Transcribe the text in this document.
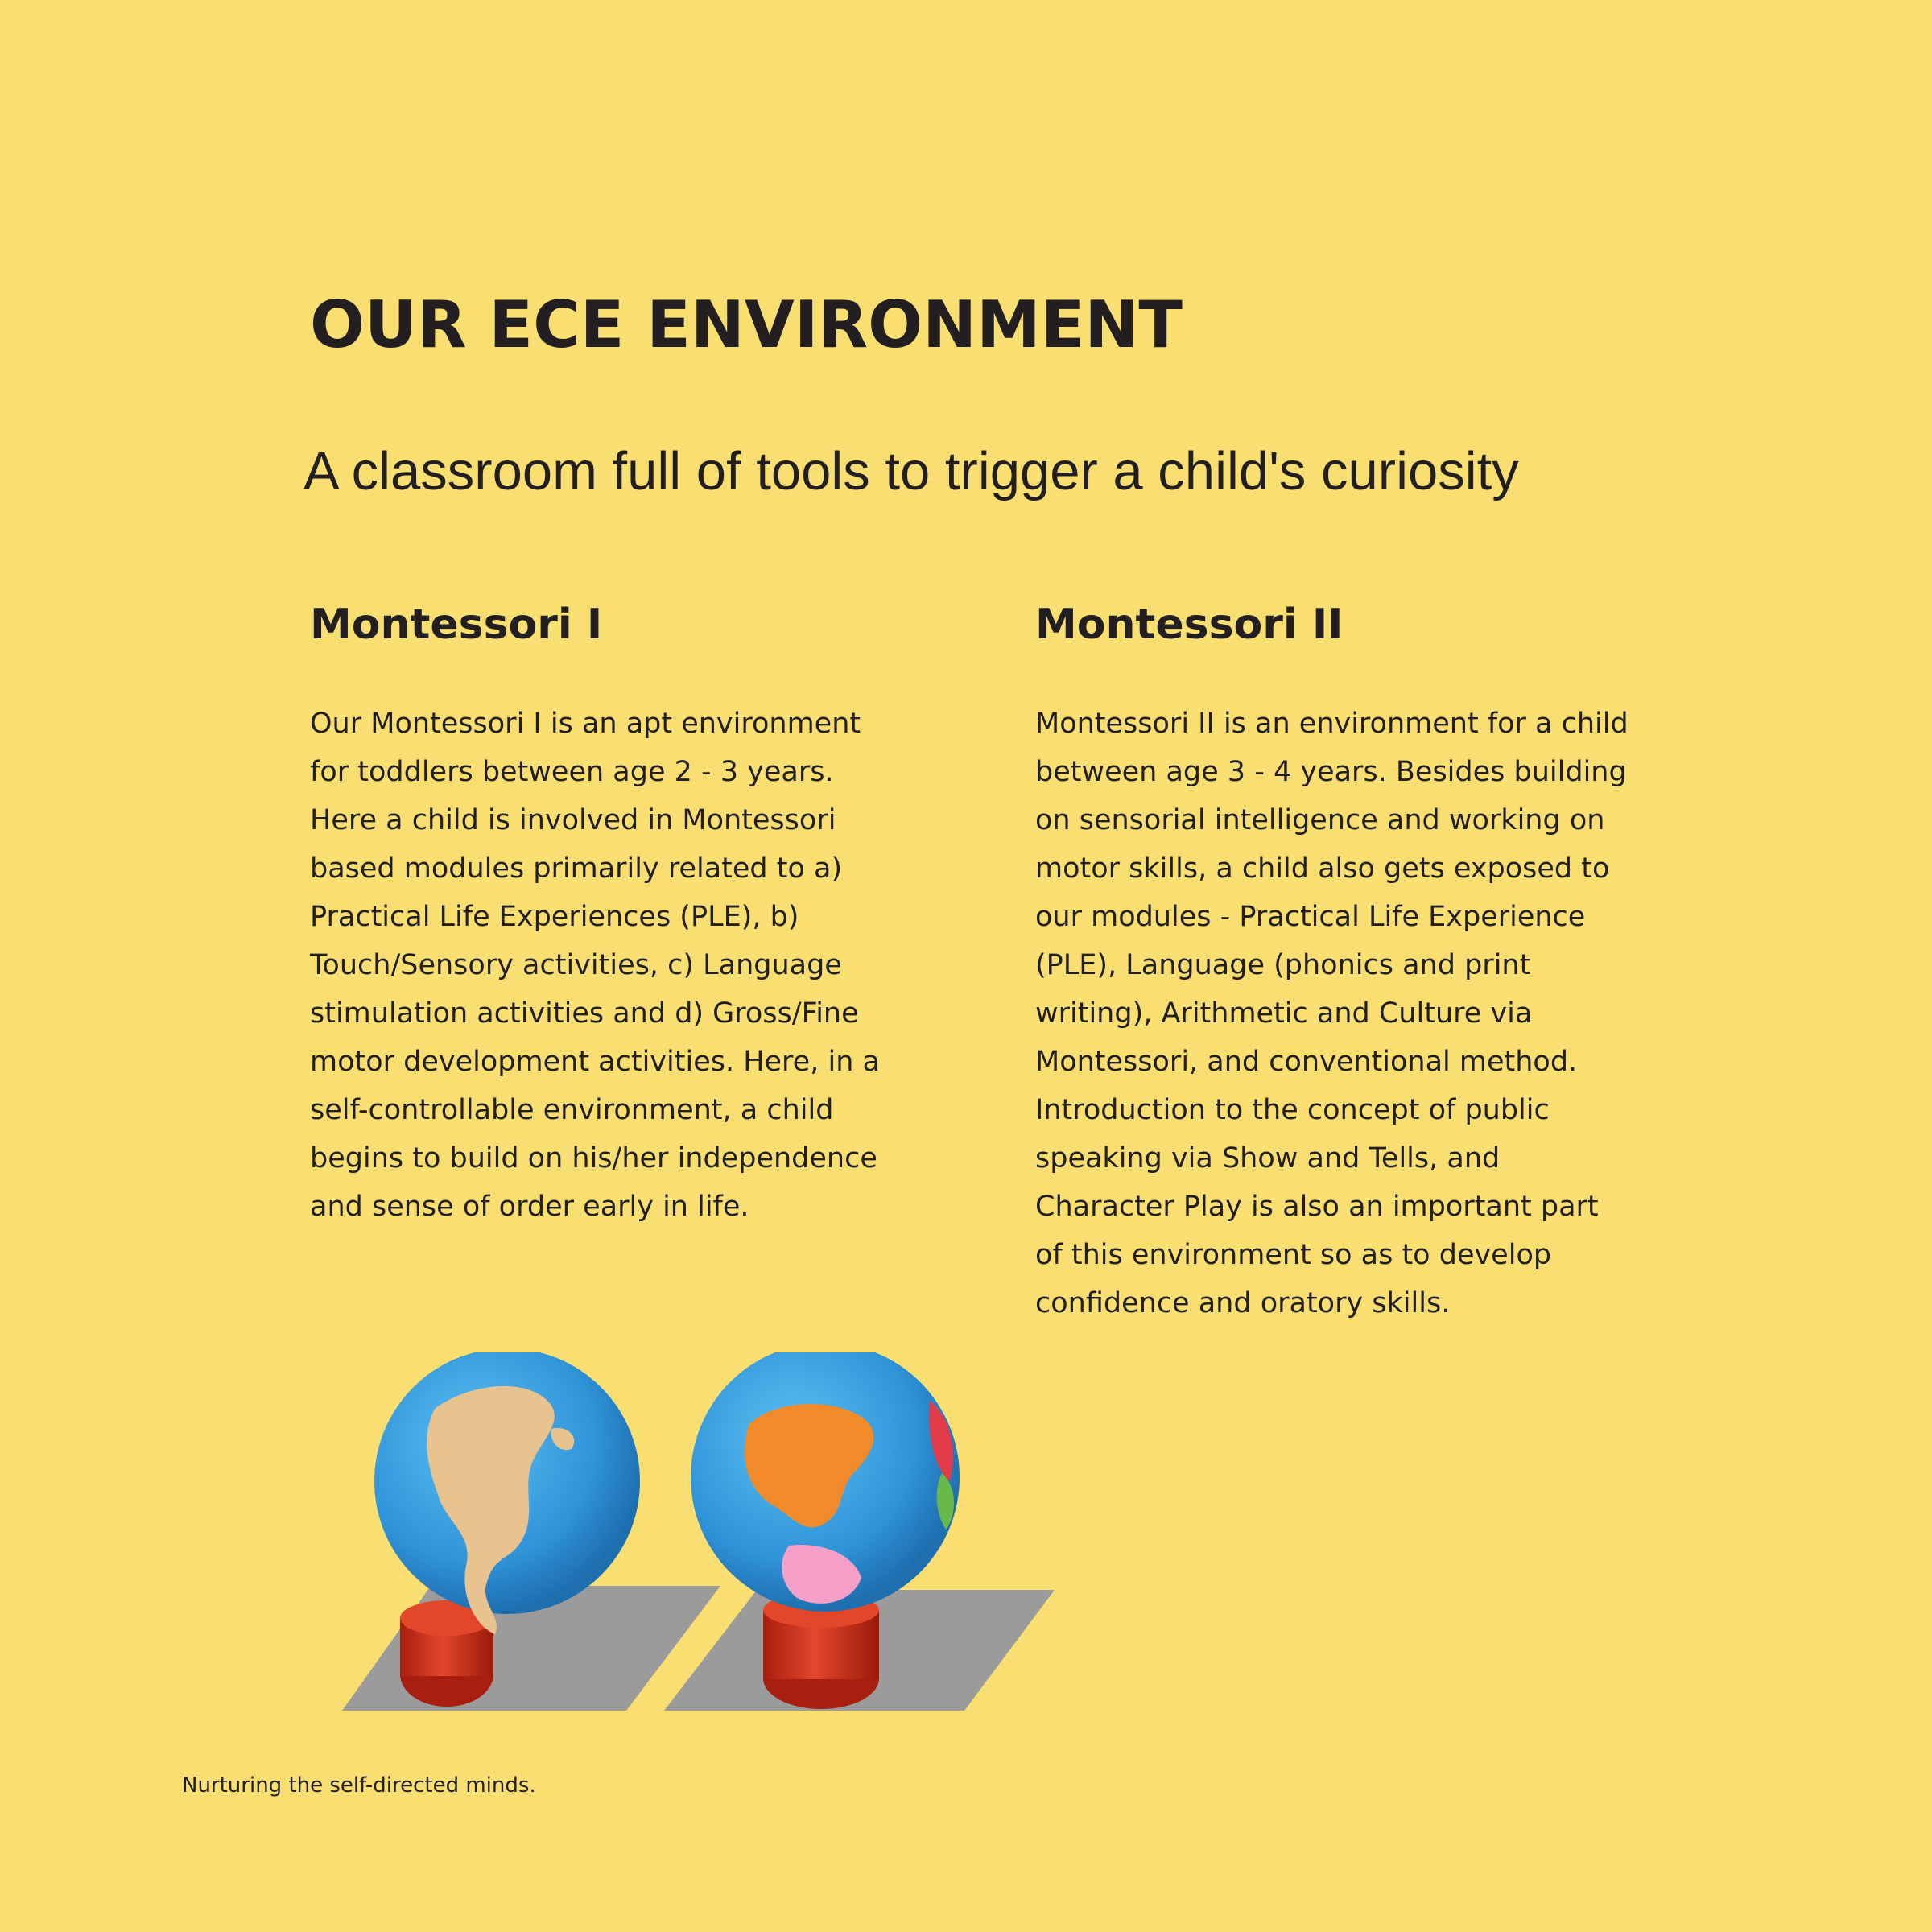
OUR ECE ENVIRONMENT

A classroom full of tools to trigger a child's curiosity

Montessori I

Our Montessori I is an apt environment
for toddlers between age 2 - 3 years.
Here a child is involved in Montessori
based modules primarily related to a)
Practical Life Experiences (PLE), b)
Touch/Sensory activities, c) Language
stimulation activities and d) Gross/Fine
motor development activities. Here, in a
self-controllable environment, a child
begins to build on his/her independence
and sense of order early in life.

Montessori II

Montessori II is an environment for a child
between age 3 - 4 years. Besides building
on sensorial intelligence and working on
motor skills, a child also gets exposed to
our modules - Practical Life Experience
(PLE), Language (phonics and print
writing), Arithmetic and Culture via
Montessori, and conventional method.
Introduction to the concept of public
speaking via Show and Tells, and
Character Play is also an important part
of this environment so as to develop
confidence and oratory skills.

Nurturing the self-directed minds.
